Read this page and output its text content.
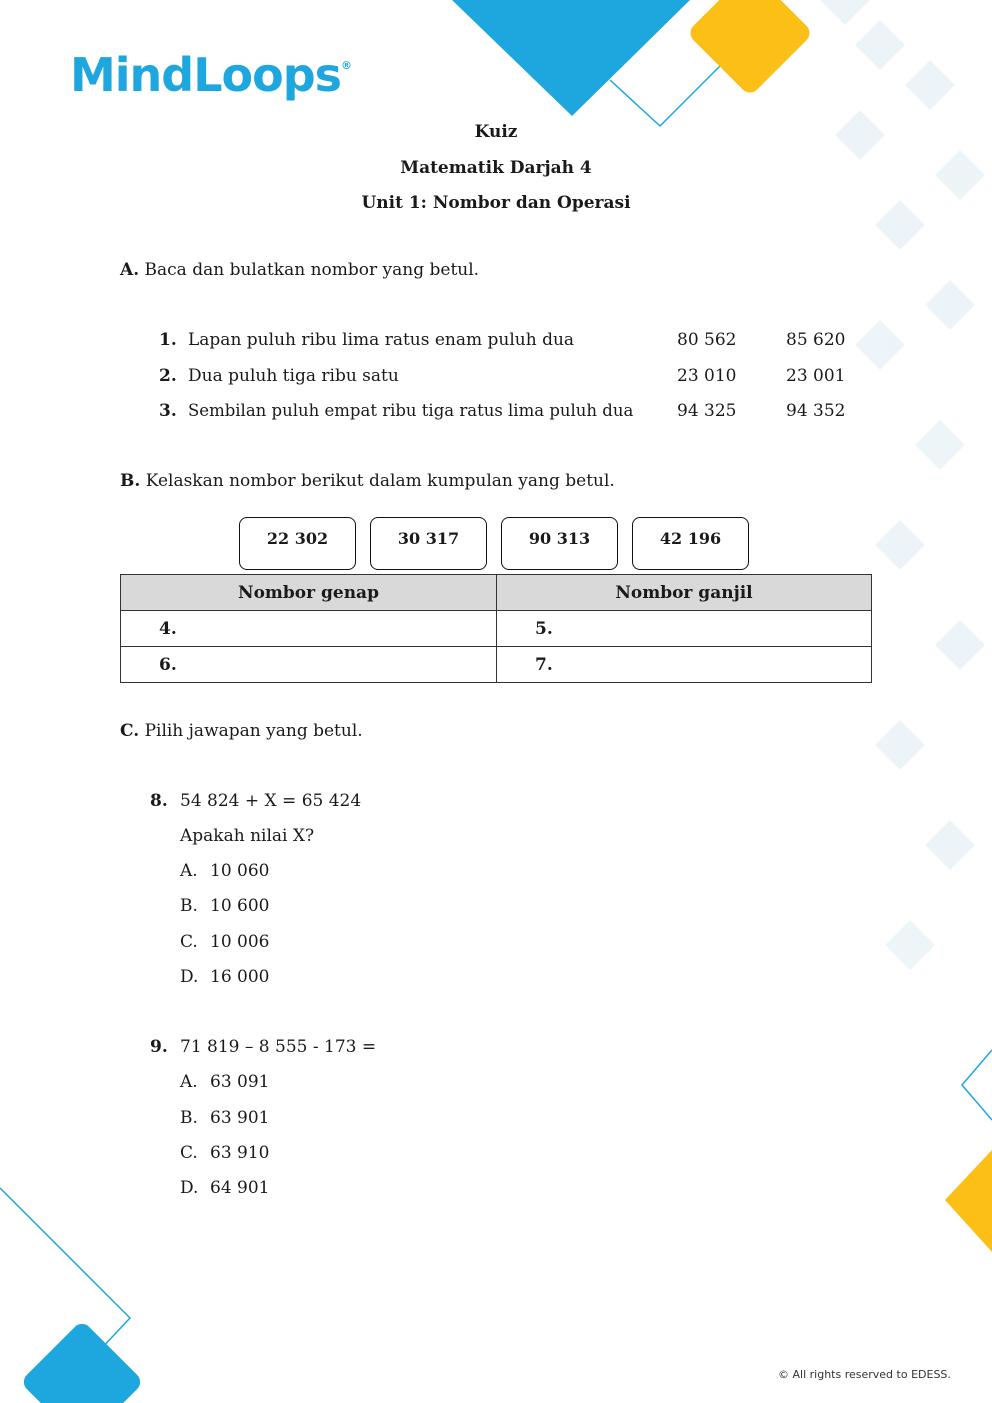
MindLoops®
Kuiz
Matematik Darjah 4
Unit 1: Nombor dan Operasi
A. Baca dan bulatkan nombor yang betul.
1. Lapan puluh ribu lima ratus enam puluh dua	80 562	85 620
2. Dua puluh tiga ribu satu	23 010	23 001
3. Sembilan puluh empat ribu tiga ratus lima puluh dua	94 325	94 352
B. Kelaskan nombor berikut dalam kumpulan yang betul.
22 302	30 317	90 313	42 196
Nombor genap	Nombor ganjil
4.	5.
6.	7.
C. Pilih jawapan yang betul.
8. 54 824 + X = 65 424
Apakah nilai X?
A. 10 060
B. 10 600
C. 10 006
D. 16 000
9. 71 819 – 8 555 - 173 =
A. 63 091
B. 63 901
C. 63 910
D. 64 901
© All rights reserved to EDESS.
